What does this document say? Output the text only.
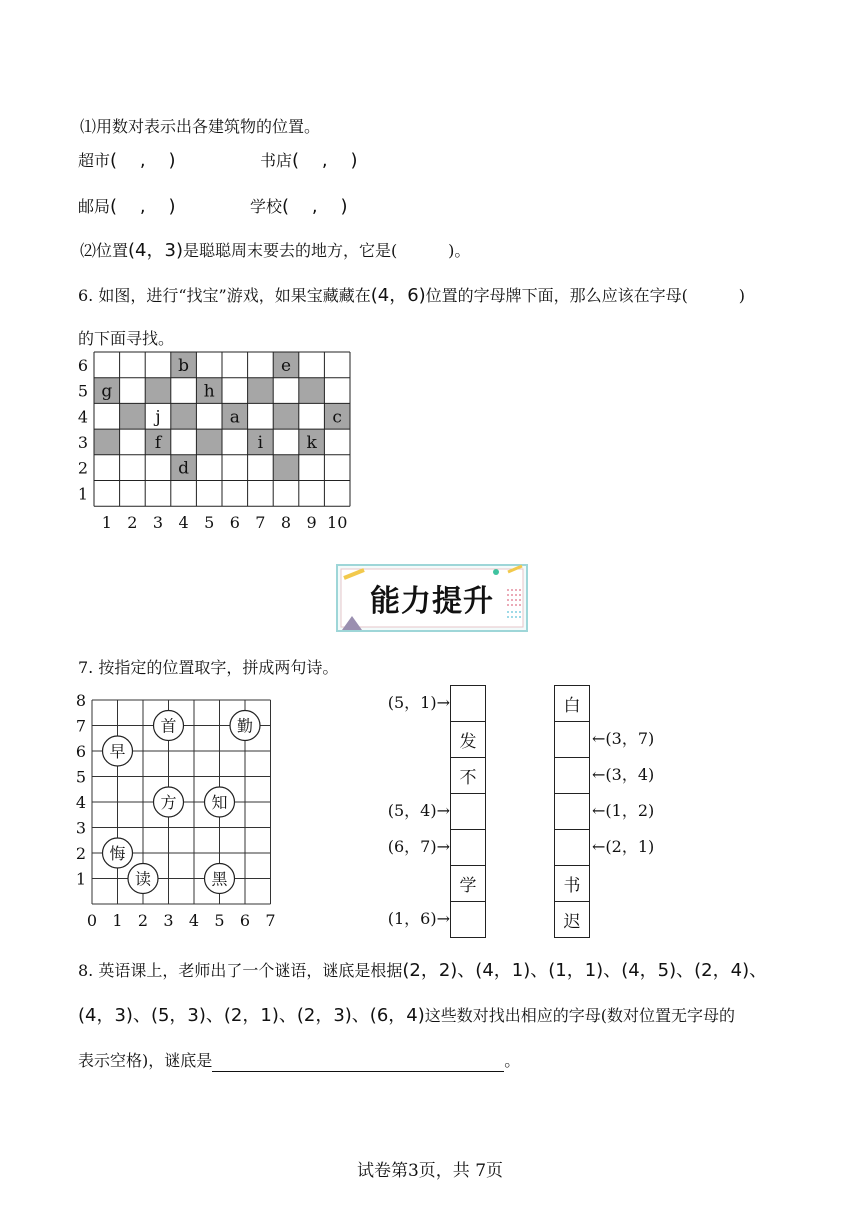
⑴用数对表示出各建筑物的位置。
超市(    ,    )	书店(    ,    )
邮局(    ,    )	学校(    ,    )
⑵位置(4，3)是聪聪周末要去的地方，它是(          )。
6. 如图，进行“找宝”游戏，如果宝藏藏在(4，6)位置的字母牌下面，那么应该在字母(          )
的下面寻找。
b	e
g	h
j	a	c
f	i	k
d
1 2 3 4 5 6 7 8 9 10
1
2
3
4
5
6
能力提升
7. 按指定的位置取字，拼成两句诗。
0 1 2 3 4 5 6 7
1
2
3
4
5
6
7
8
首	勤
早
方 知
悔
读	黑
发
不
学
(5，1)→
(5，4)→
(6，7)→
(1，6)→
白
书
迟
←(3，7)
←(3，4)
←(1，2)
←(2，1)
8. 英语课上，老师出了一个谜语，谜底是根据(2，2)、(4，1)、(1，1)、(4，5)、(2，4)、
(4，3)、(5，3)、(2，1)、(2，3)、(6，4)这些数对找出相应的字母(数对位置无字母的
表示空格)，谜底是	。
试卷第3页，共 7页
